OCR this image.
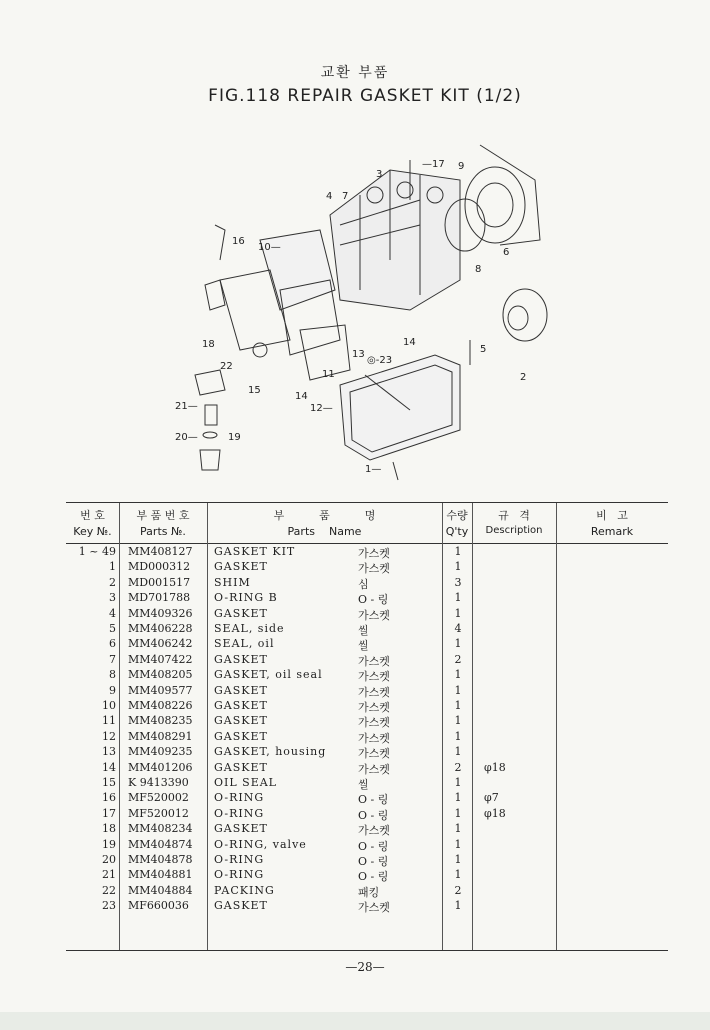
교환 부품
FIG.118 REPAIR GASKET KIT (1/2)
—17 9
3
4 7
6
16
10—
8
5
18
13
◎-23
14
2
22
11
15
14
12—
21—
19
20—
1—
번 호
Key №.
부 품 번 호
Parts №.
부          품          명
Parts    Name
수량
Q'ty
규   격
Description
비   고
Remark
1 ~ 49 MM408127 GASKET KIT	가스켓	1
1 MD000312 GASKET	가스켓	1
2 MD001517 SHIM	심	3
3 MD701788 O-RING B	O - 링	1
4 MM409326 GASKET	가스켓	1
5 MM406228 SEAL, side	씰	4
6 MM406242 SEAL, oil	씰	1
7 MM407422 GASKET	가스켓	2
8 MM408205 GASKET, oil seal	가스켓	1
9 MM409577 GASKET	가스켓	1
10 MM408226 GASKET	가스켓	1
11 MM408235 GASKET	가스켓	1
12 MM408291 GASKET	가스켓	1
13 MM409235 GASKET, housing	가스켓	1
14 MM401206 GASKET	가스켓	2	φ18
15 K 9413390 OIL SEAL	씰	1
16 MF520002 O-RING	O - 링	1	φ7
17 MF520012 O-RING	O - 링	1	φ18
18 MM408234 GASKET	가스켓	1
19 MM404874 O-RING, valve	O - 링	1
20 MM404878 O-RING	O - 링	1
21 MM404881 O-RING	O - 링	1
22 MM404884 PACKING	패킹	2
23 MF660036 GASKET	가스켓	1
—28—
